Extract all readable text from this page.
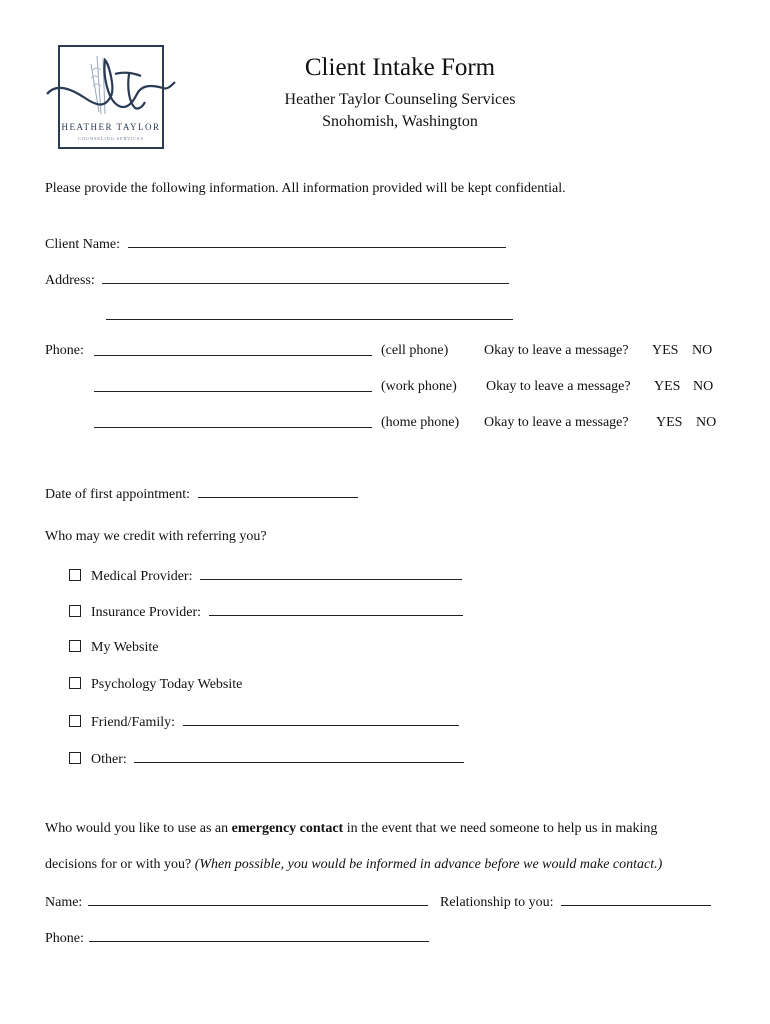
HEATHER TAYLOR
COUNSELING SERVICES
Client Intake Form
Heather Taylor Counseling Services
Snohomish, Washington
Please provide the following information. All information provided will be kept confidential.
Client Name:
Address:
Phone:	(cell phone)	Okay to leave a message? YES NO
(work phone) Okay to leave a message? YES NO
(home phone) Okay to leave a message? YES NO
Date of first appointment:
Who may we credit with referring you?
Medical Provider:
Insurance Provider:
My Website
Psychology Today Website
Friend/Family:
Other:
Who would you like to use as an emergency contact in the event that we need someone to help us in making
decisions for or with you? (When possible, you would be informed in advance before we would make contact.)
Name:	Relationship to you:
Phone:
